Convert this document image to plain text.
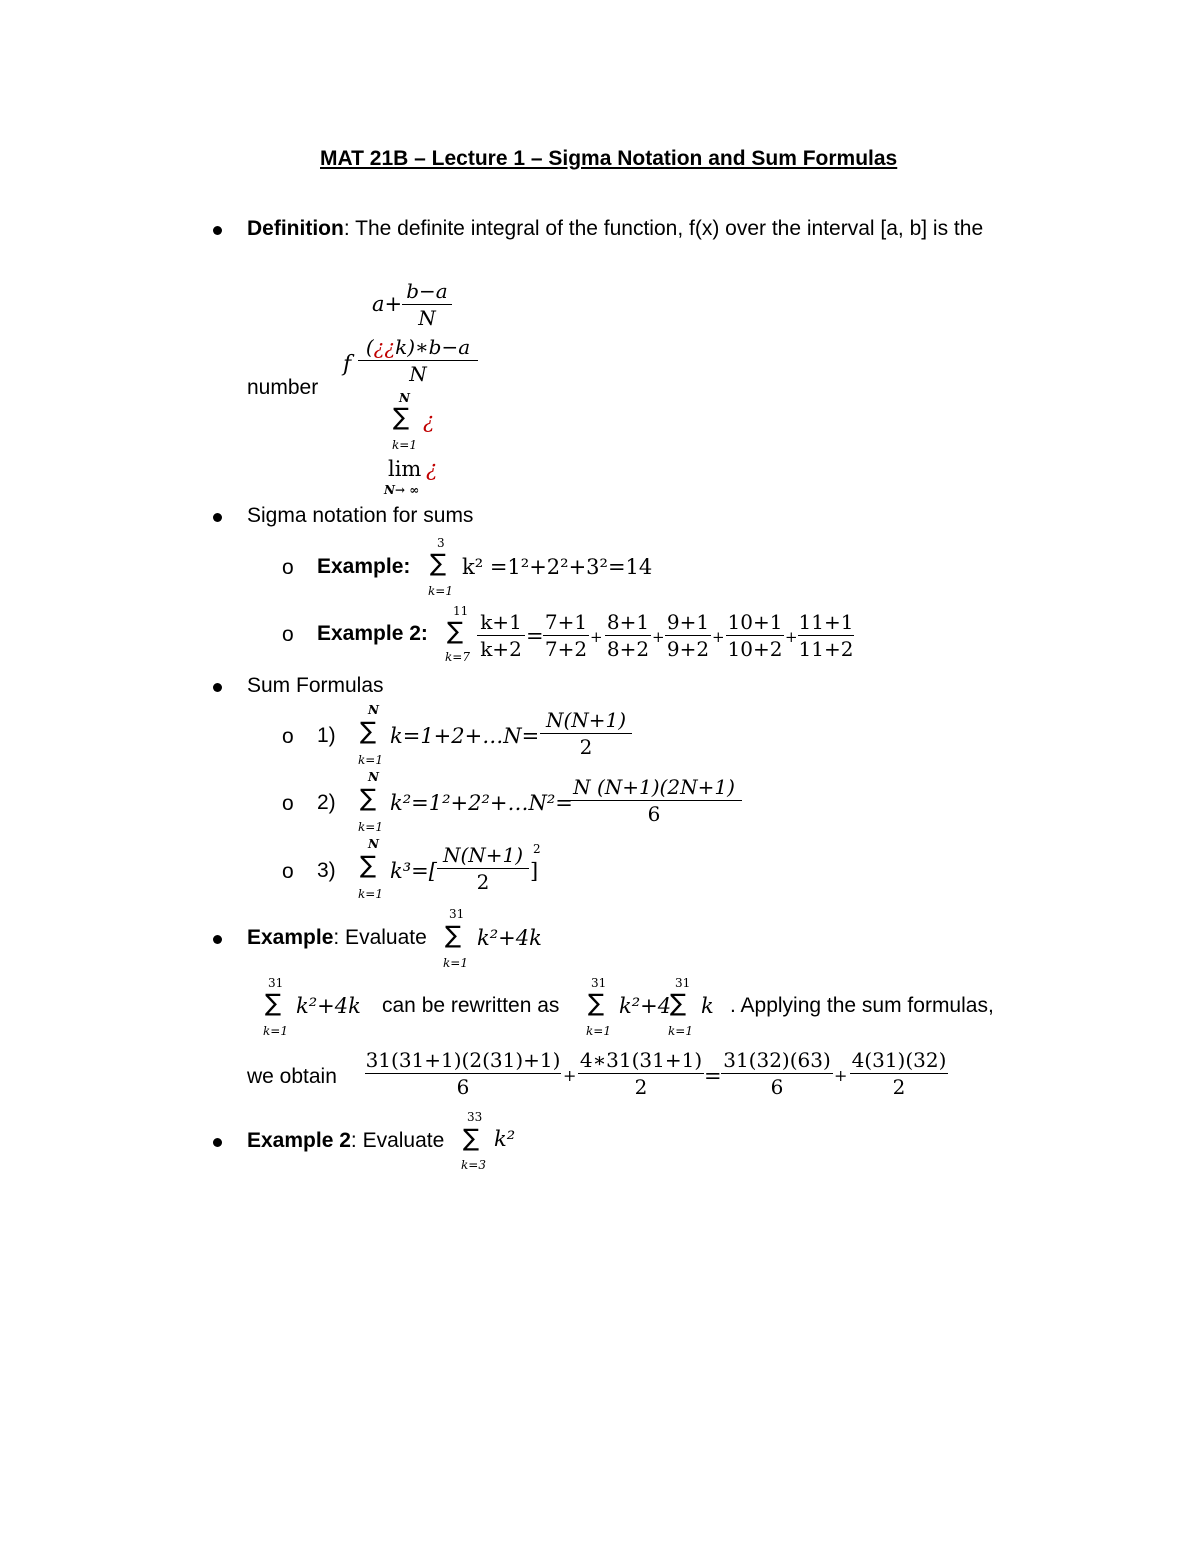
MAT 21B – Lecture 1 – Sigma Notation and Sum Formulas
Definition: The definite integral of the function, f(x) over the interval [a, b] is the
a+
b−a
N
f
(¿¿k)∗b−a
N
number	N
∑ ¿
k=1
lim ¿
N→ ∞
Sigma notation for sums
o Example:
3
∑
k=1
k² =1²+2²+3²=14
o Example 2:
11
∑
k=7
k+1
k+2
=
7+1
7+2 +
8+1
8+2 +
9+1
9+2 +
10+1
10+2 +
11+1
11+2
Sum Formulas
o 1)
N
∑
k=1
k=1+2+…N=
N(N+1)
2
o 2)
N
∑
k=1
k²=1²+2²+…N²=
N (N+1)(2N+1)
6
o 3)
N
∑
k=1
k³=[
N(N+1)
2	]
2
Example: Evaluate
31
∑
k=1
k²+4k
31
∑
k=1
k²+4k can be rewritten as
31
∑
k=1
k²+4
31
∑
k=1
k . Applying the sum formulas,
we obtain
31(31+1)(2(31)+1)
6	+
4∗31(31+1)
2	=
31(32)(63)
6	+
4(31)(32)
2
Example 2: Evaluate
33
∑
k=3
k²
